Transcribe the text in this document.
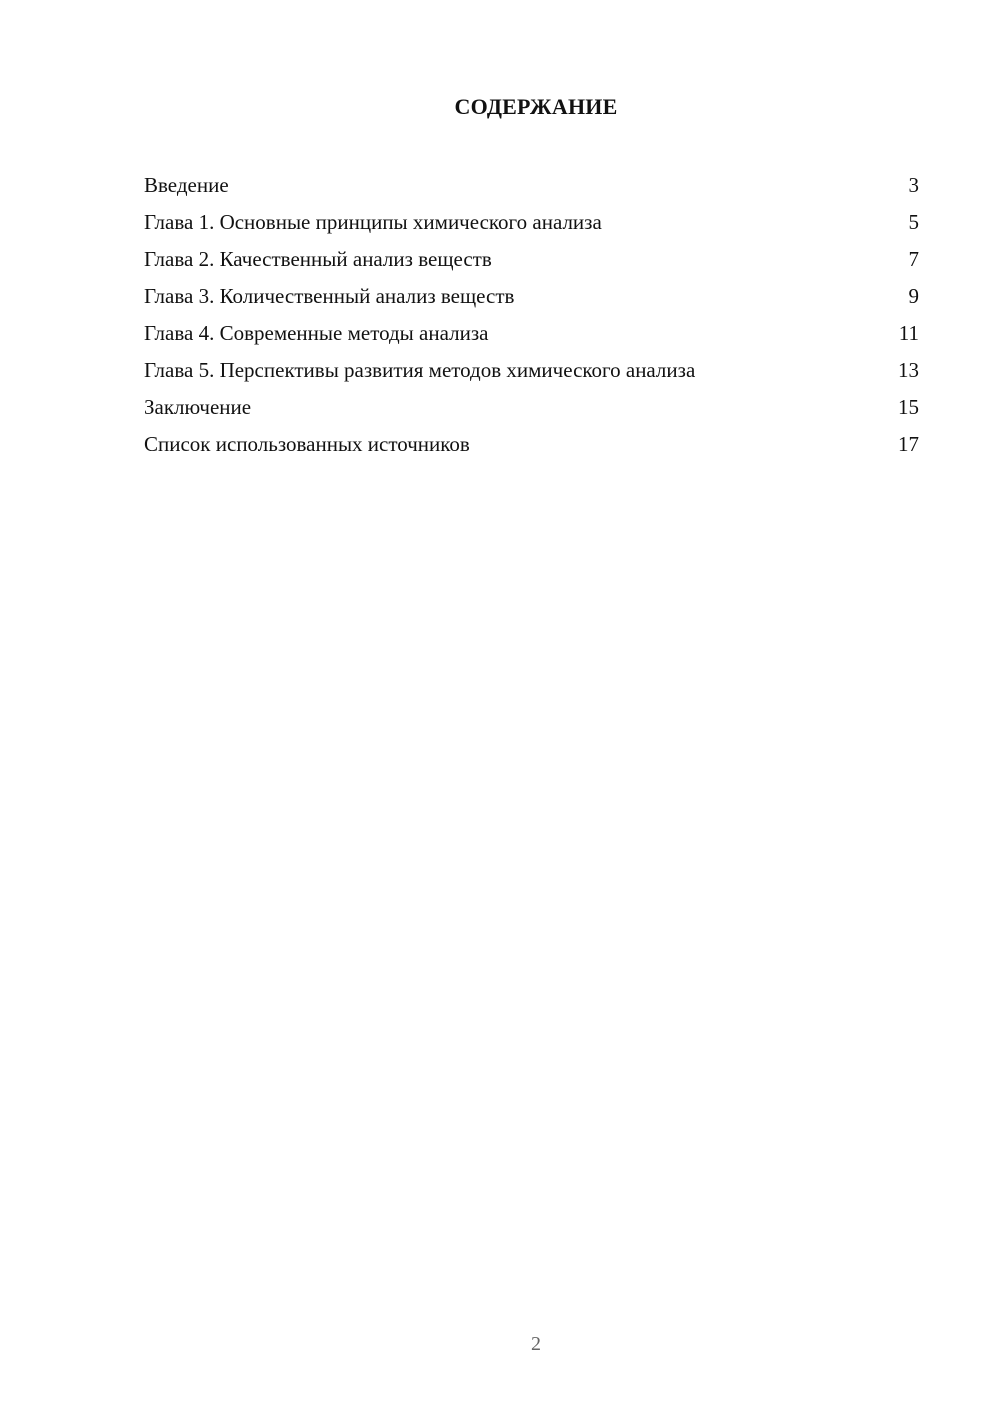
СОДЕРЖАНИЕ
Введение	3
Глава 1. Основные принципы химического анализа	5
Глава 2. Качественный анализ веществ	7
Глава 3. Количественный анализ веществ	9
Глава 4. Современные методы анализа	11
Глава 5. Перспективы развития методов химического анализа	13
Заключение	15
Список использованных источников	17
2
